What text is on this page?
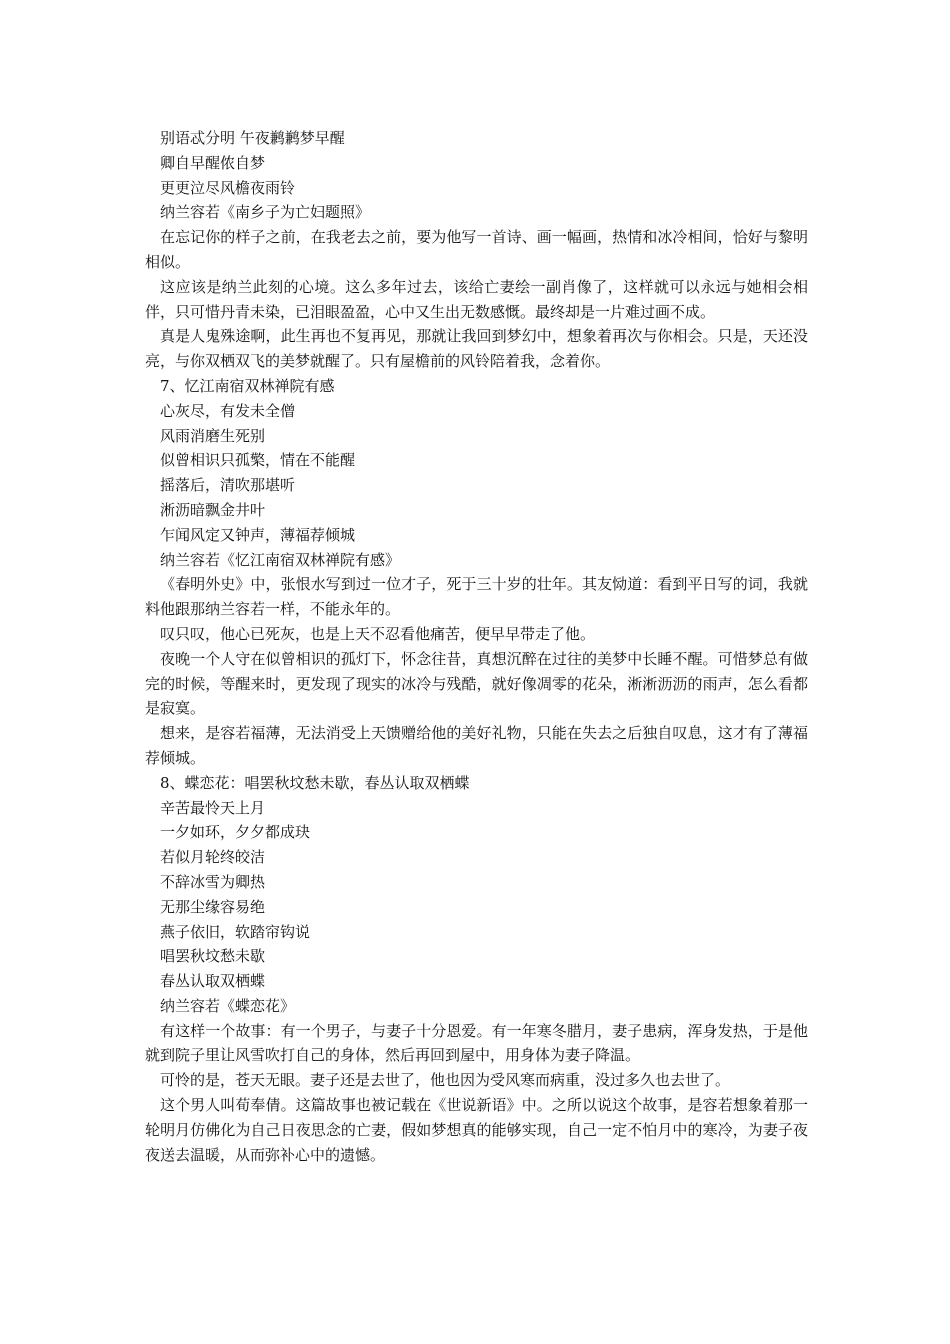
别语忒分明 午夜鹣鹣梦早醒

卿自早醒侬自梦

更更泣尽风檐夜雨铃

纳兰容若《南乡子为亡妇题照》

在忘记你的样子之前，在我老去之前，要为他写一首诗、画一幅画，热情和冰冷相间，恰好与黎明相似。

这应该是纳兰此刻的心境。这么多年过去，该给亡妻绘一副肖像了，这样就可以永远与她相会相伴，只可惜丹青未染，已泪眼盈盈，心中又生出无数感慨。最终却是一片难过画不成。

真是人鬼殊途啊，此生再也不复再见，那就让我回到梦幻中，想象着再次与你相会。只是，天还没亮，与你双栖双飞的美梦就醒了。只有屋檐前的风铃陪着我，念着你。

7、忆江南宿双林禅院有感

心灰尽，有发未全僧

风雨消磨生死别

似曾相识只孤檠，情在不能醒

摇落后，清吹那堪听

淅沥暗飘金井叶

乍闻风定又钟声，薄福荐倾城

纳兰容若《忆江南宿双林禅院有感》

《春明外史》中，张恨水写到过一位才子，死于三十岁的壮年。其友恸道：看到平日写的词，我就料他跟那纳兰容若一样，不能永年的。

叹只叹，他心已死灰，也是上天不忍看他痛苦，便早早带走了他。

夜晚一个人守在似曾相识的孤灯下，怀念往昔，真想沉醉在过往的美梦中长睡不醒。可惜梦总有做完的时候，等醒来时，更发现了现实的冰冷与残酷，就好像凋零的花朵，淅淅沥沥的雨声，怎么看都是寂寞。

想来，是容若福薄，无法消受上天馈赠给他的美好礼物，只能在失去之后独自叹息，这才有了薄福荐倾城。

8、蝶恋花：唱罢秋坟愁未歇，春丛认取双栖蝶

辛苦最怜天上月

一夕如环，夕夕都成玦

若似月轮终皎洁

不辞冰雪为卿热

无那尘缘容易绝

燕子依旧，软踏帘钩说

唱罢秋坟愁未歇

春丛认取双栖蝶

纳兰容若《蝶恋花》

有这样一个故事：有一个男子，与妻子十分恩爱。有一年寒冬腊月，妻子患病，浑身发热，于是他就到院子里让风雪吹打自己的身体，然后再回到屋中，用身体为妻子降温。

可怜的是，苍天无眼。妻子还是去世了，他也因为受风寒而病重，没过多久也去世了。

这个男人叫荀奉倩。这篇故事也被记载在《世说新语》中。之所以说这个故事，是容若想象着那一轮明月仿佛化为自己日夜思念的亡妻，假如梦想真的能够实现，自己一定不怕月中的寒冷，为妻子夜夜送去温暖，从而弥补心中的遗憾。
